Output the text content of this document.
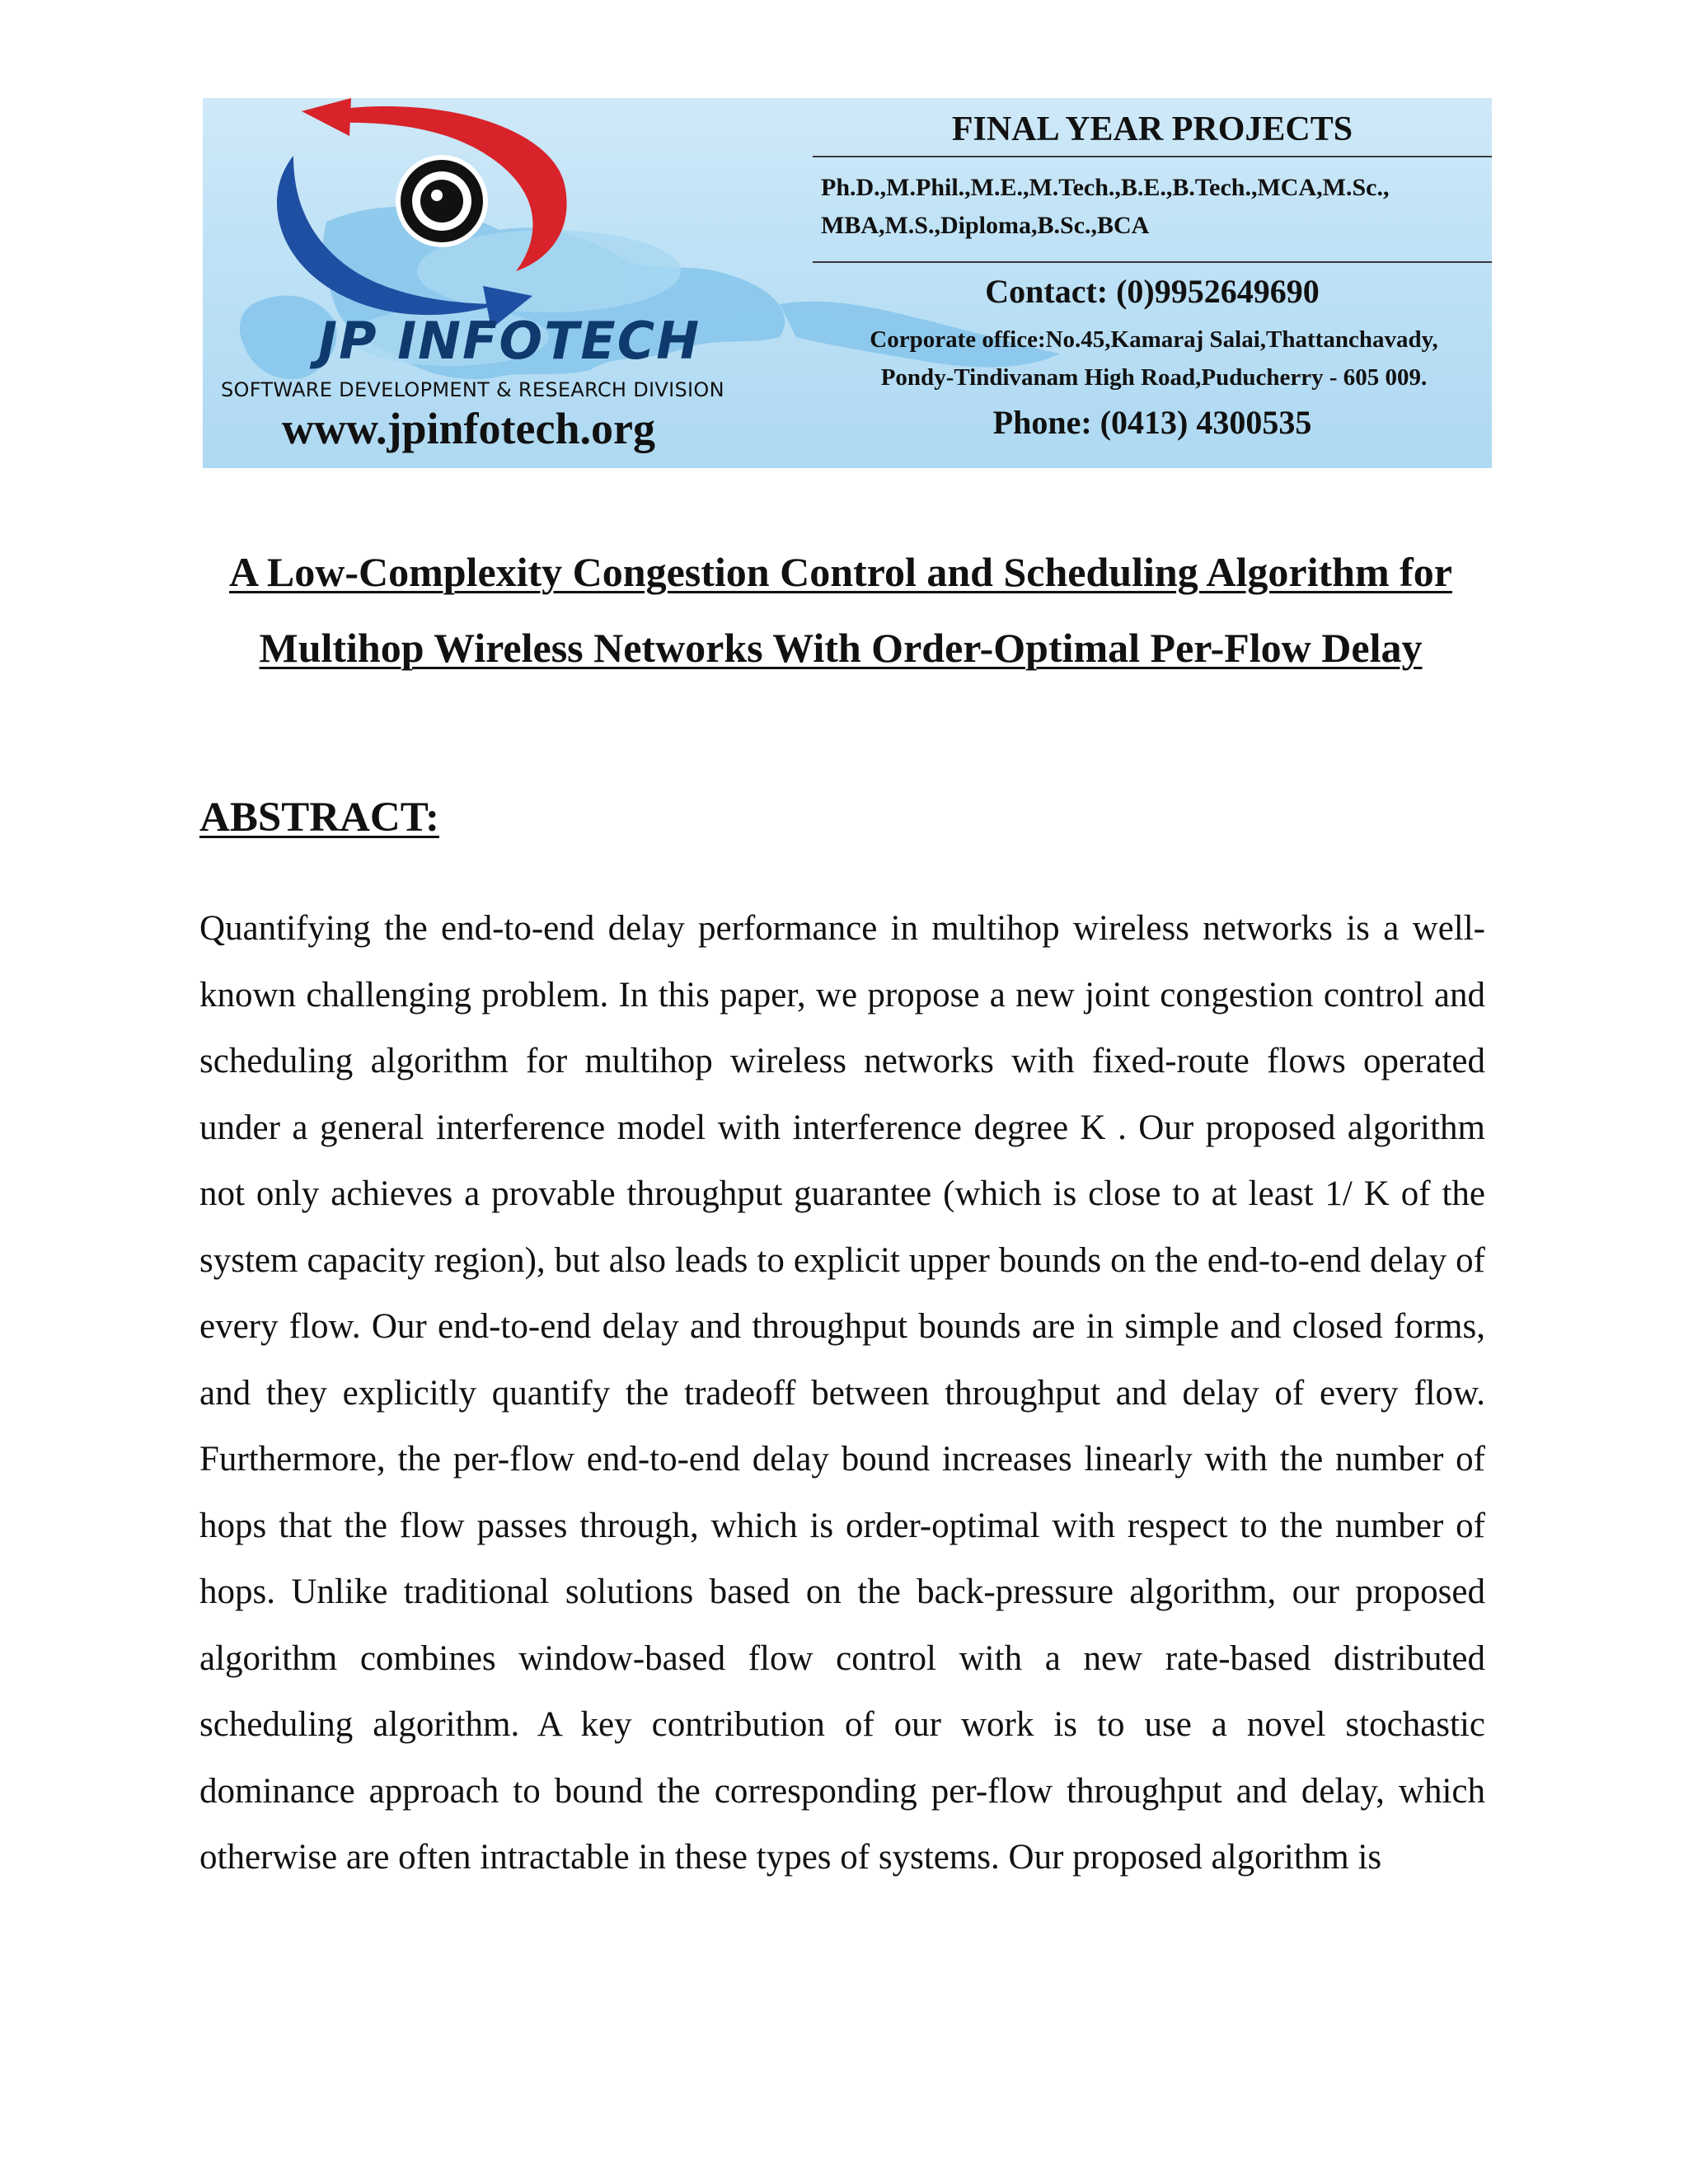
JP INFOTECH
SOFTWARE DEVELOPMENT & RESEARCH DIVISION
www.jpinfotech.org
FINAL YEAR PROJECTS
Ph.D.,M.Phil.,M.E.,M.Tech.,B.E.,B.Tech.,MCA,M.Sc.,
MBA,M.S.,Diploma,B.Sc.,BCA
Contact: (0)9952649690
Corporate office:No.45,Kamaraj Salai,Thattanchavady,
Pondy-Tindivanam High Road,Puducherry - 605 009.
Phone: (0413) 4300535
A Low-Complexity Congestion Control and Scheduling Algorithm for Multihop Wireless Networks With Order-Optimal Per-Flow Delay
ABSTRACT:

Quantifying the end-to-end delay performance in multihop wireless networks is a well-known challenging problem. In this paper, we propose a new joint congestion control and scheduling algorithm for multihop wireless networks with fixed-route flows operated under a general interference model with interference degree K . Our proposed algorithm not only achieves a provable throughput guarantee (which is close to at least 1/ K of the system capacity region), but also leads to explicit upper bounds on the end-to-end delay of every flow. Our end-to-end delay and throughput bounds are in simple and closed forms, and they explicitly quantify the tradeoff between throughput and delay of every flow. Furthermore, the per-flow end-to-end delay bound increases linearly with the number of hops that the flow passes through, which is order-optimal with respect to the number of hops. Unlike traditional solutions based on the back-pressure algorithm, our proposed algorithm combines window-based flow control with a new rate-based distributed scheduling algorithm. A key contribution of our work is to use a novel stochastic dominance approach to bound the corresponding per-flow throughput and delay, which otherwise are often intractable in these types of systems. Our proposed algorithm is
